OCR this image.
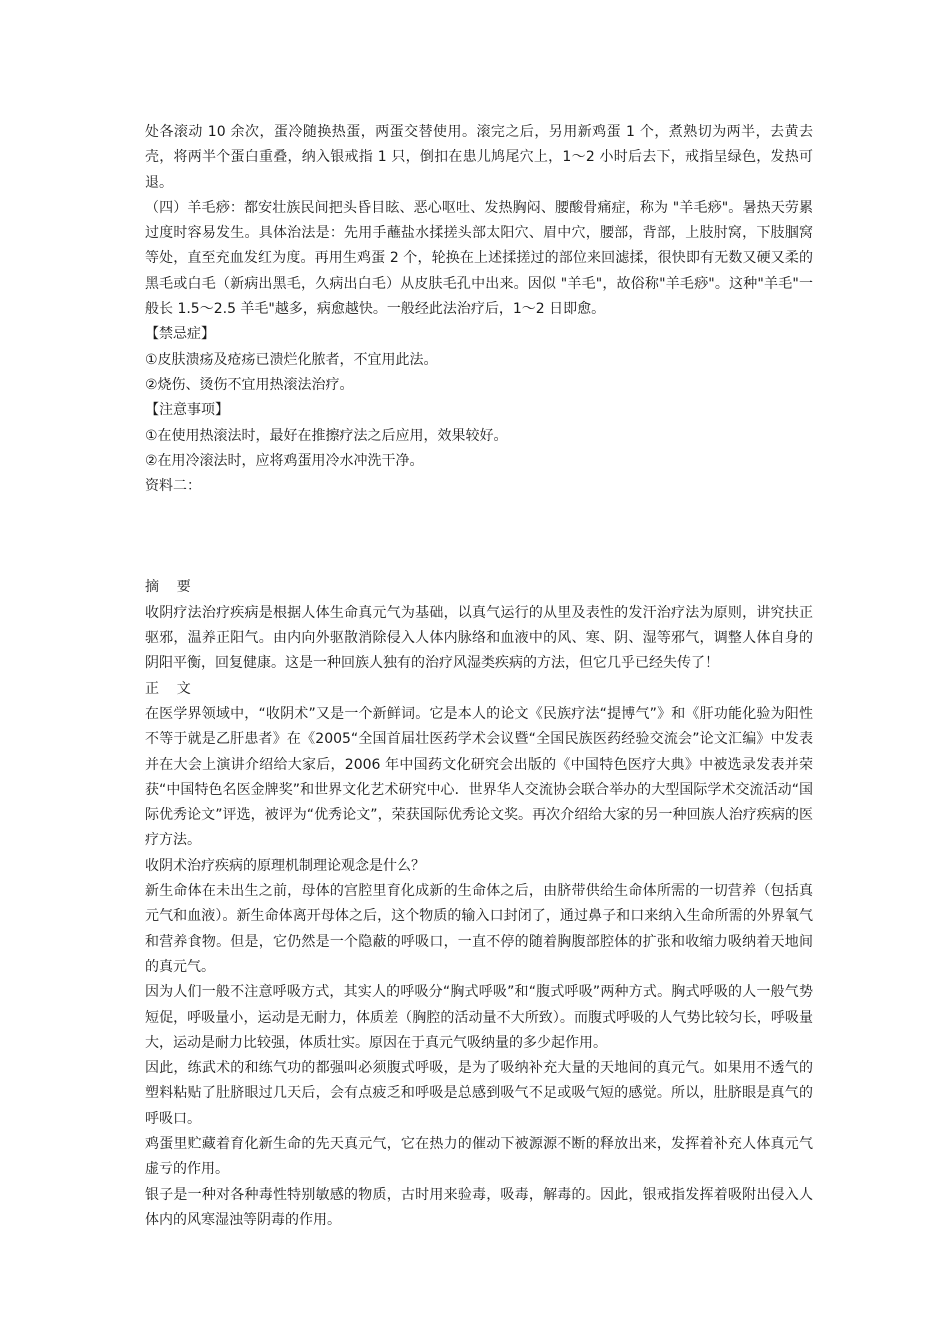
处各滚动 10 余次，蛋冷随换热蛋，两蛋交替使用。滚完之后，另用新鸡蛋 1 个，煮熟切为两半，去黄去壳，将两半个蛋白重叠，纳入银戒指 1 只，倒扣在患儿鸠尾穴上，1～2 小时后去下，戒指呈绿色，发热可退。

（四）羊毛痧：都安壮族民间把头昏目眩、恶心呕吐、发热胸闷、腰酸骨痛症，称为 "羊毛痧"。暑热天劳累过度时容易发生。具体治法是：先用手蘸盐水揉搓头部太阳穴、眉中穴，腰部，背部，上肢肘窝，下肢腘窝等处，直至充血发红为度。再用生鸡蛋 2 个，轮换在上述揉搓过的部位来回滤揉，很快即有无数又硬又柔的黑毛或白毛（新病出黑毛，久病出白毛）从皮肤毛孔中出来。因似 "羊毛"，故俗称"羊毛痧"。这种"羊毛"一般长 1.5～2.5 羊毛"越多，病愈越快。一般经此法治疗后，1～2 日即愈。

【禁忌症】

①皮肤溃疡及疮疡已溃烂化脓者，不宜用此法。

②烧伤、烫伤不宜用热滚法治疗。

【注意事项】

①在使用热滚法时，最好在推擦疗法之后应用，效果较好。

②在用冷滚法时，应将鸡蛋用冷水冲洗干净。

资料二：

摘    要

收阴疗法治疗疾病是根据人体生命真元气为基础，以真气运行的从里及表性的发汗治疗法为原则，讲究扶正驱邪，温养正阳气。由内向外驱散消除侵入人体内脉络和血液中的风、寒、阴、湿等邪气，调整人体自身的阴阳平衡，回复健康。这是一种回族人独有的治疗风湿类疾病的方法，但它几乎已经失传了！

正    文

在医学界领域中，“收阴术”又是一个新鲜词。它是本人的论文《民族疗法“提博气”》和《肝功能化验为阳性不等于就是乙肝患者》在《2005“全国首届壮医药学术会议暨“全国民族医药经验交流会”论文汇编》中发表并在大会上演讲介绍给大家后，2006 年中国药文化研究会出版的《中国特色医疗大典》中被选录发表并荣获“中国特色名医金牌奖”和世界文化艺术研究中心．世界华人交流协会联合举办的大型国际学术交流活动“国际优秀论文”评选，被评为“优秀论文”，荣获国际优秀论文奖。再次介绍给大家的另一种回族人治疗疾病的医疗方法。

收阴术治疗疾病的原理机制理论观念是什么？

新生命体在未出生之前，母体的宫腔里育化成新的生命体之后，由脐带供给生命体所需的一切营养（包括真元气和血液）。新生命体离开母体之后，这个物质的输入口封闭了，通过鼻子和口来纳入生命所需的外界氧气和营养食物。但是，它仍然是一个隐蔽的呼吸口，一直不停的随着胸腹部腔体的扩张和收缩力吸纳着天地间的真元气。

因为人们一般不注意呼吸方式，其实人的呼吸分“胸式呼吸”和“腹式呼吸”两种方式。胸式呼吸的人一般气势短促，呼吸量小，运动是无耐力，体质差（胸腔的活动量不大所致）。而腹式呼吸的人气势比较匀长，呼吸量大，运动是耐力比较强，体质壮实。原因在于真元气吸纳量的多少起作用。

因此，练武术的和练气功的都强叫必须腹式呼吸，是为了吸纳补充大量的天地间的真元气。如果用不透气的塑料粘贴了肚脐眼过几天后，会有点疲乏和呼吸是总感到吸气不足或吸气短的感觉。所以，肚脐眼是真气的呼吸口。

鸡蛋里贮藏着育化新生命的先天真元气，它在热力的催动下被源源不断的释放出来，发挥着补充人体真元气虚亏的作用。

银子是一种对各种毒性特别敏感的物质，古时用来验毒，吸毒，解毒的。因此，银戒指发挥着吸附出侵入人体内的风寒湿浊等阴毒的作用。
